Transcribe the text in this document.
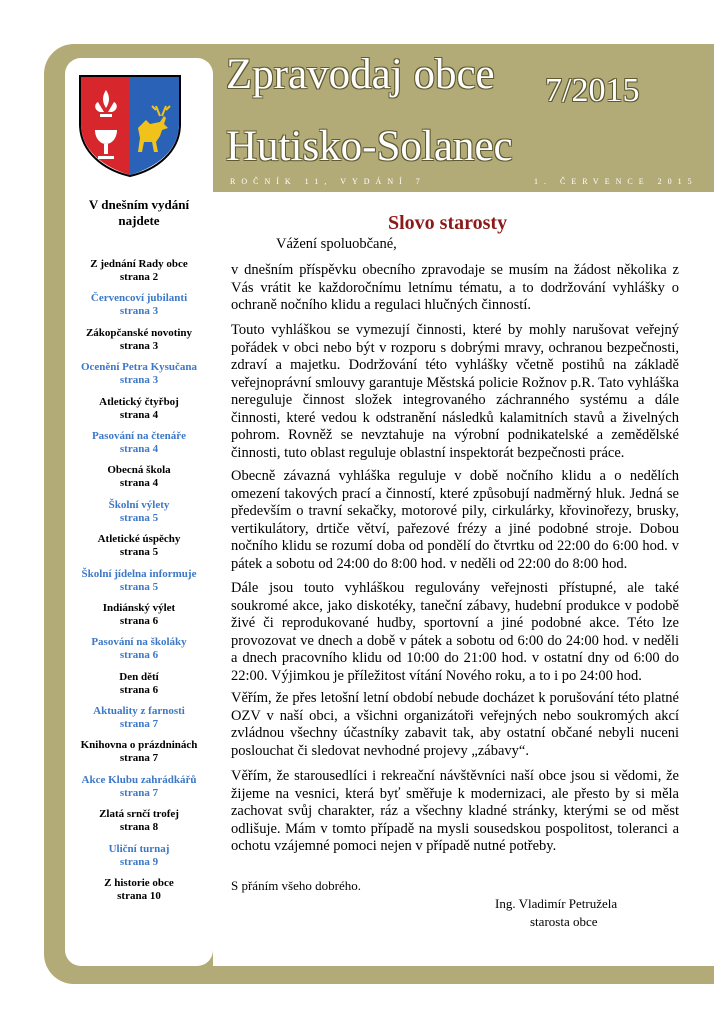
Zpravodaj obce 7/2015
Hutisko-Solanec
ROČNÍK 11, VYDÁNÍ 7	1. ČERVENCE 2015
V dnešním vydání
najdete
Z jednání Rady obce
strana 2
Červencoví jubilanti
strana 3
Zákopčanské novotiny
strana 3
Ocenění Petra Kysučana
strana 3
Atletický čtyřboj
strana 4
Pasování na čtenáře
strana 4
Obecná škola
strana 4
Školní výlety
strana 5
Atletické úspěchy
strana 5
Školní jídelna informuje
strana 5
Indiánský výlet
strana 6
Pasování na školáky
strana 6
Den dětí
strana 6
Aktuality z farnosti
strana 7
Knihovna o prázdninách
strana 7
Akce Klubu zahrádkářů
strana 7
Zlatá srnčí trofej
strana 8
Uliční turnaj
strana 9
Z historie obce
strana 10
Slovo starosty
Vážení spoluobčané,

v dnešním příspěvku obecního zpravodaje se musím na žádost několika z Vás vrátit ke každoročnímu letnímu tématu, a to dodržování vyhlášky o ochraně nočního klidu a regulaci hlučných činností.

Touto vyhláškou se vymezují činnosti, které by mohly narušovat veřejný pořádek v obci nebo být v rozporu s dobrými mravy, ochranou bezpečnosti, zdraví a majetku. Dodržování této vyhlášky včetně postihů na základě veřejnoprávní smlouvy garantuje Městská policie Rožnov p.R. Tato vyhláška nereguluje činnost složek integrovaného záchranného systému a dále činnosti, které vedou k odstranění následků kalamitních stavů a živelných pohrom. Rovněž se nevztahuje na výrobní podnikatelské a zemědělské činnosti, tuto oblast reguluje oblastní inspektorát bezpečnosti práce.

Obecně závazná vyhláška reguluje v době nočního klidu a o nedělích omezení takových prací a činností, které způsobují nadměrný hluk. Jedná se především o travní sekačky, motorové pily, cirkulárky, křovinořezy, brusky, vertikulátory, drtiče větví, pařezové frézy a jiné podobné stroje. Dobou nočního klidu se rozumí doba od pondělí do čtvrtku od 22:00 do 6:00 hod. v pátek a sobotu od 24:00 do 8:00 hod. v neděli od 22:00 do 8:00 hod.

Dále jsou touto vyhláškou regulovány veřejnosti přístupné, ale také soukromé akce, jako diskotéky, taneční zábavy, hudební produkce v podobě živé či reprodukované hudby, sportovní a jiné podobné akce. Této lze provozovat ve dnech a době v pátek a sobotu od 6:00 do 24:00 hod. v neděli a dnech pracovního klidu od 10:00 do 21:00 hod. v ostatní dny od 6:00 do 22:00. Výjimkou je příležitost vítání Nového roku, a to i po 24:00 hod.

Věřím, že přes letošní letní období nebude docházet k porušování této platné OZV v naší obci, a všichni organizátoři veřejných nebo soukromých akcí zvládnou všechny účastníky zabavit tak, aby ostatní občané nebyli nuceni poslouchat či sledovat nevhodné projevy „zábavy“.

Věřím, že starousedlíci i rekreační návštěvníci naší obce jsou si vědomi, že žijeme na vesnici, která byť směřuje k modernizaci, ale přesto by si měla zachovat svůj charakter, ráz a všechny kladné stránky, kterými se od měst odlišuje. Mám v tomto případě na mysli sousedskou pospolitost, toleranci a ochotu vzájemné pomoci nejen v případě nutné potřeby.

S přáním všeho dobrého.
Ing. Vladimír Petružela
starosta obce
